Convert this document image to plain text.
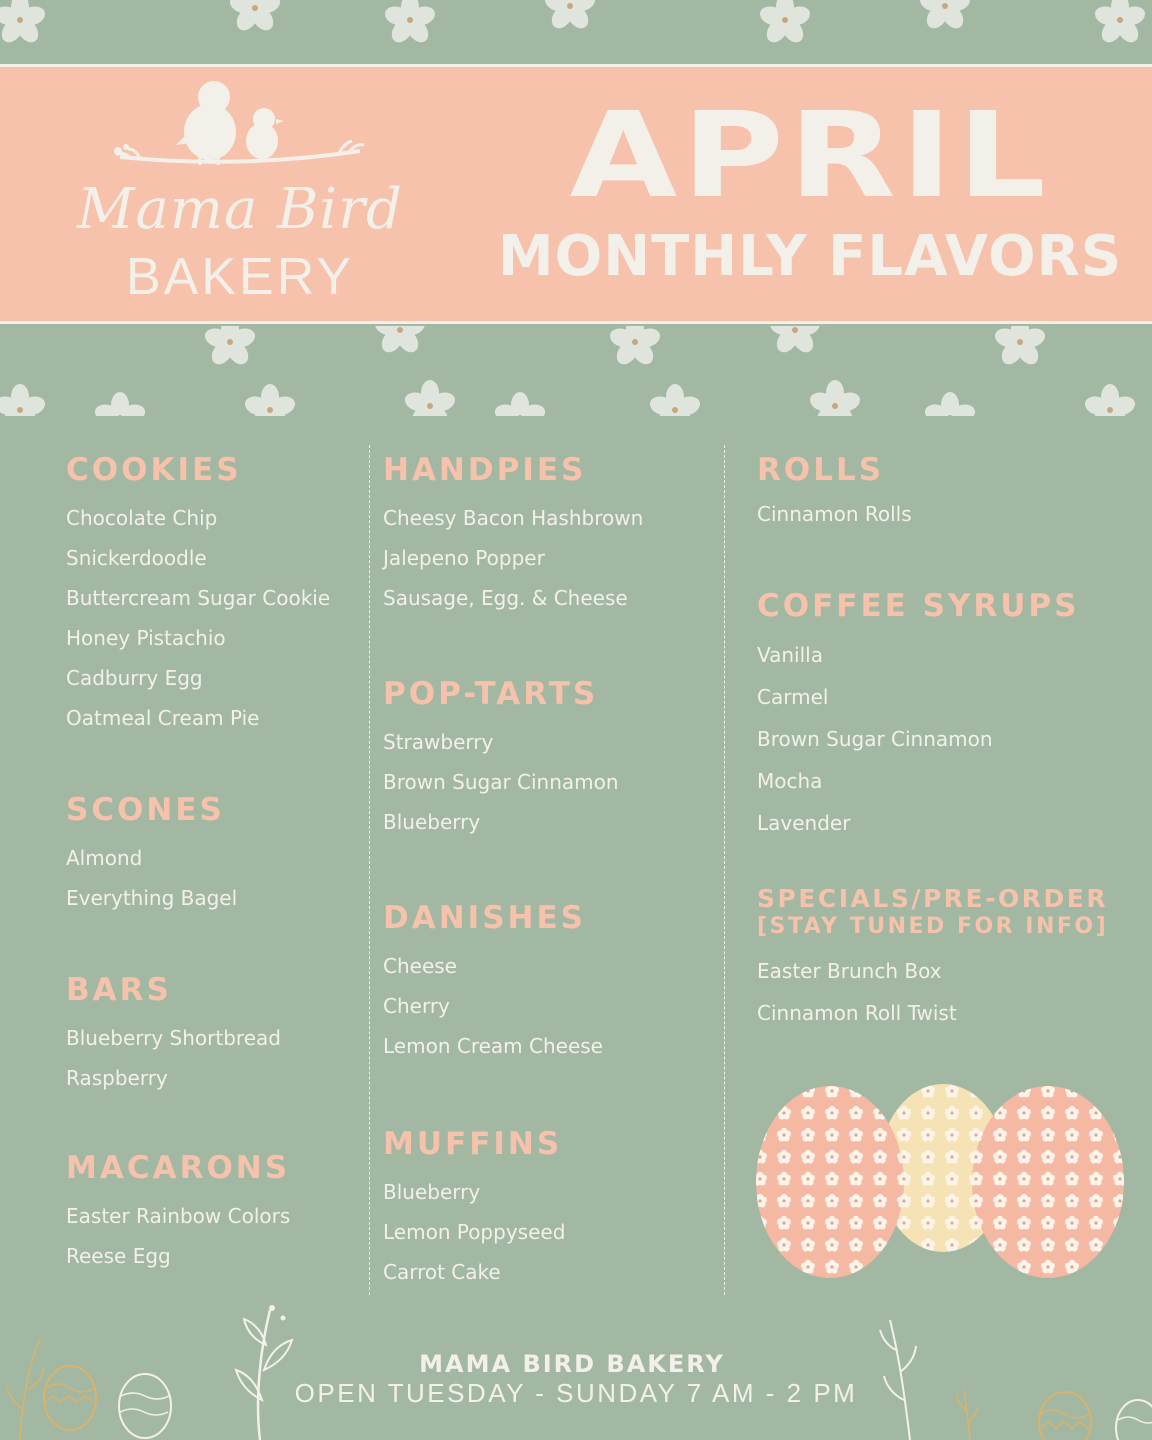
Mama Bird
BAKERY
APRIL
MONTHLY FLAVORS
COOKIES
Chocolate Chip
Snickerdoodle
Buttercream Sugar Cookie
Honey Pistachio
Cadburry Egg
Oatmeal Cream Pie
SCONES
Almond
Everything Bagel
BARS
Blueberry Shortbread
Raspberry
MACARONS
Easter Rainbow Colors
Reese Egg
HANDPIES
Cheesy Bacon Hashbrown
Jalepeno Popper
Sausage, Egg. & Cheese
POP-TARTS
Strawberry
Brown Sugar Cinnamon
Blueberry
DANISHES
Cheese
Cherry
Lemon Cream Cheese
MUFFINS
Blueberry
Lemon Poppyseed
Carrot Cake
ROLLS
Cinnamon Rolls
COFFEE SYRUPS
Vanilla
Carmel
Brown Sugar Cinnamon
Mocha
Lavender
SPECIALS/PRE-ORDER
[STAY TUNED FOR INFO]
Easter Brunch Box
Cinnamon Roll Twist
MAMA BIRD BAKERY
OPEN TUESDAY - SUNDAY 7 AM - 2 PM
